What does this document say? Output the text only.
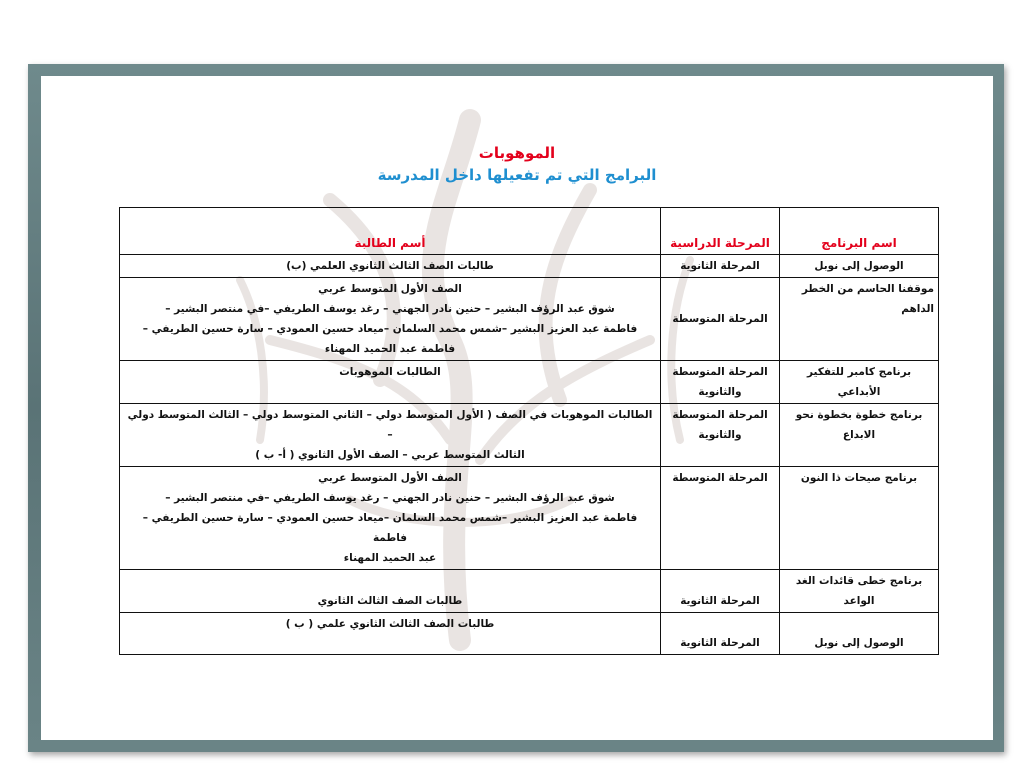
الموهوبات
البرامج التي تم تفعيلها داخل المدرسة
اسم البرنامج	المرحلة الدراسية	أسم الطالبة
الوصول إلى نوبل	المرحلة الثانوية	طالبات الصف الثالث الثانوي العلمي (ب)

موقفنا الحاسم من الخطر الداهم	المرحلة المتوسطة	الصف الأول المتوسط عربي
شوق عبد الرؤف البشير – حنين نادر الجهني – رغد يوسف الطريفي –في منتصر البشير –
فاطمة عبد العزيز البشير –شمس محمد السلمان –ميعاد حسين العمودي – سارة حسين الطريفي –
فاطمة عبد الحميد المهناء

برنامج كامبر للتفكير الأبداعي	المرحلة المتوسطة والثانوية	الطالبات الموهوبات

برنامج خطوة بخطوة نحو الابداع	المرحلة المتوسطة والثانوية	الطالبات الموهوبات في الصف ( الأول المتوسط دولي – الثاني المتوسط دولي – الثالث المتوسط دولي –
الثالث المتوسط عربي – الصف الأول الثانوي ( أ- ب )

برنامج صيحات ذا النون	المرحلة المتوسطة	الصف الأول المتوسط عربي
شوق عبد الرؤف البشير – حنين نادر الجهني – رغد يوسف الطريفي –في منتصر البشير –
فاطمة عبد العزيز البشير –شمس محمد السلمان –ميعاد حسين العمودي – سارة حسين الطريفي – فاطمة
عبد الحميد المهناء

برنامج خطى قائدات الغد الواعد	المرحلة الثانوية	طالبات الصف الثالث الثانوي

الوصول إلى نوبل	المرحلة الثانوية	طالبات الصف الثالث الثانوي علمي ( ب )
